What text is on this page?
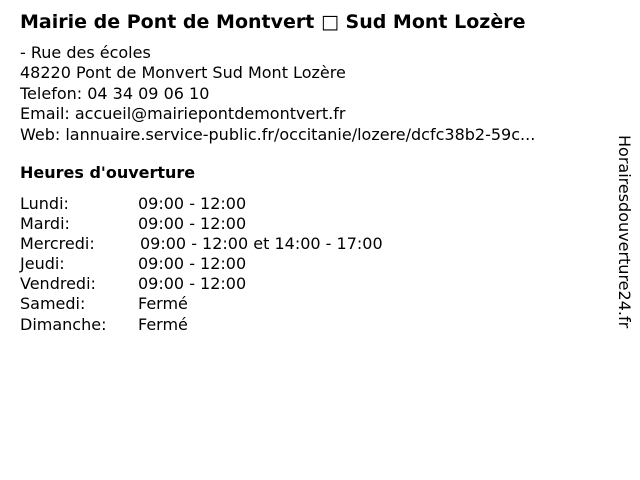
Mairie de Pont de Montvert □ Sud Mont Lozère
- Rue des écoles
48220 Pont de Monvert Sud Mont Lozère
Telefon: 04 34 09 06 10
Email: accueil@mairiepontdemontvert.fr
Web: lannuaire.service-public.fr/occitanie/lozere/dcfc38b2-59c...
Heures d'ouverture
Lundi:	09:00 - 12:00
Mardi:	09:00 - 12:00
Mercredi:	09:00 - 12:00 et 14:00 - 17:00
Jeudi:	09:00 - 12:00
Vendredi:	09:00 - 12:00
Samedi:	Fermé
Dimanche:	Fermé	Horairesdouverture24.fr
